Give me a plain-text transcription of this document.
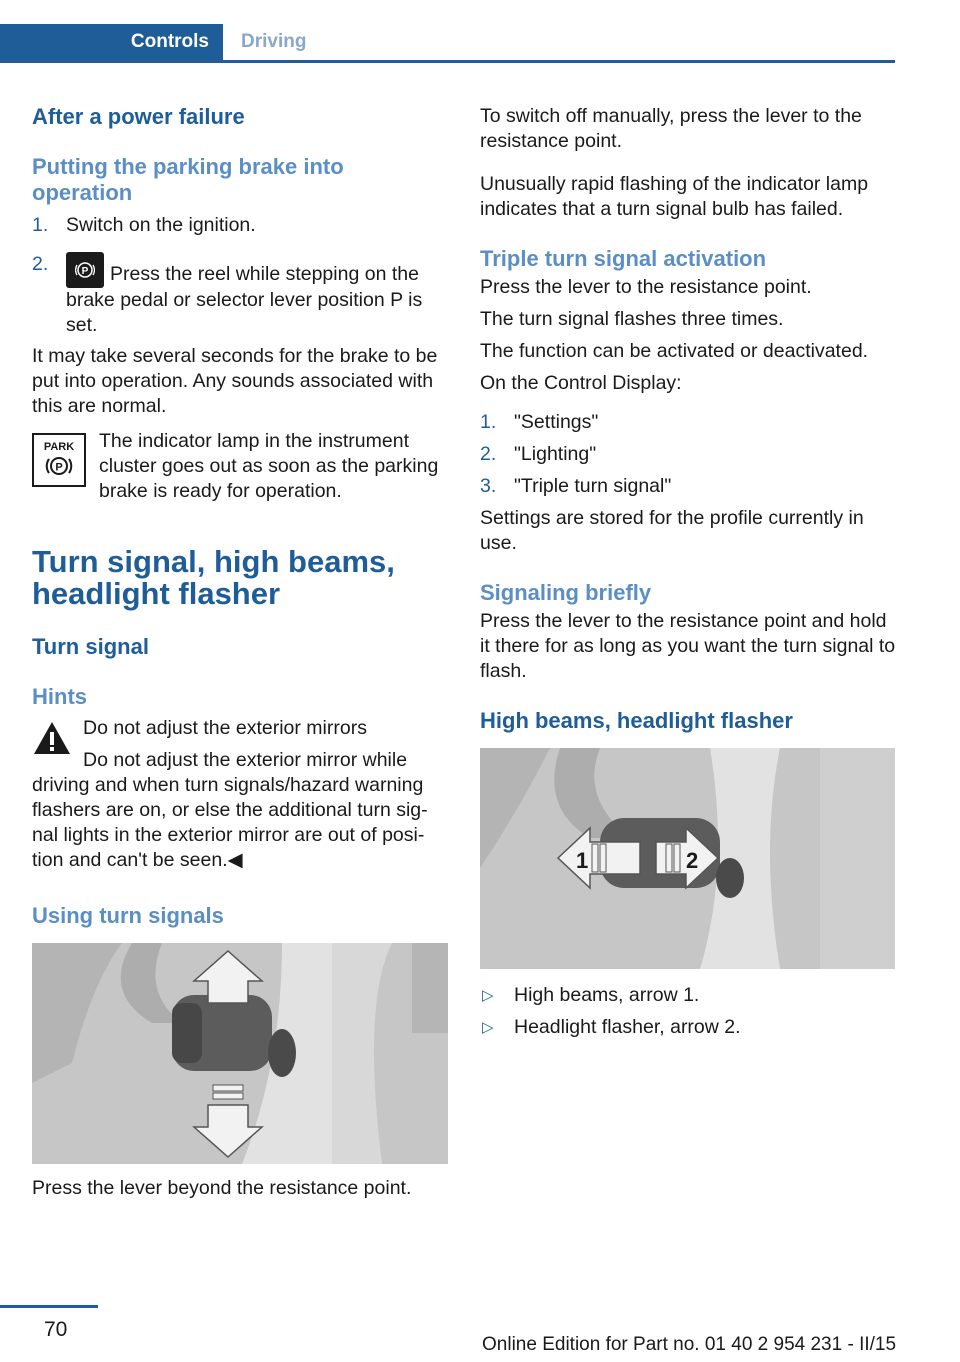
Controls	Driving
After a power failure
Putting the parking brake into operation
1. Switch on the ignition.
2.	P Press the reel while stepping on the brake pedal or selector lever position P is set.

It may take several seconds for the brake to be put into operation. Any sounds associated with this are normal.

PARK
P

The indicator lamp in the instrument cluster goes out as soon as the parking brake is ready for operation.

Turn signal, high beams, headlight flasher
Turn signal
Hints

Do not adjust the exterior mirrors

Do not adjust the exterior mirror while driving and when turn signals/hazard warning flashers are on, or else the additional turn sig-nal lights in the exterior mirror are out of posi-tion and can't be seen.◀

Using turn signals

Press the lever beyond the resistance point.

To switch off manually, press the lever to the resistance point.

Unusually rapid flashing of the indicator lamp indicates that a turn signal bulb has failed.

Triple turn signal activation

Press the lever to the resistance point.

The turn signal flashes three times.

The function can be activated or deactivated.

On the Control Display:

1. "Settings"
2. "Lighting"
3. "Triple turn signal"

Settings are stored for the profile currently in use.

Signaling briefly

Press the lever to the resistance point and hold it there for as long as you want the turn signal to flash.

High beams, headlight flasher
1	2
▷ High beams, arrow 1.
▷ Headlight flasher, arrow 2.
70
Online Edition for Part no. 01 40 2 954 231 - II/15
